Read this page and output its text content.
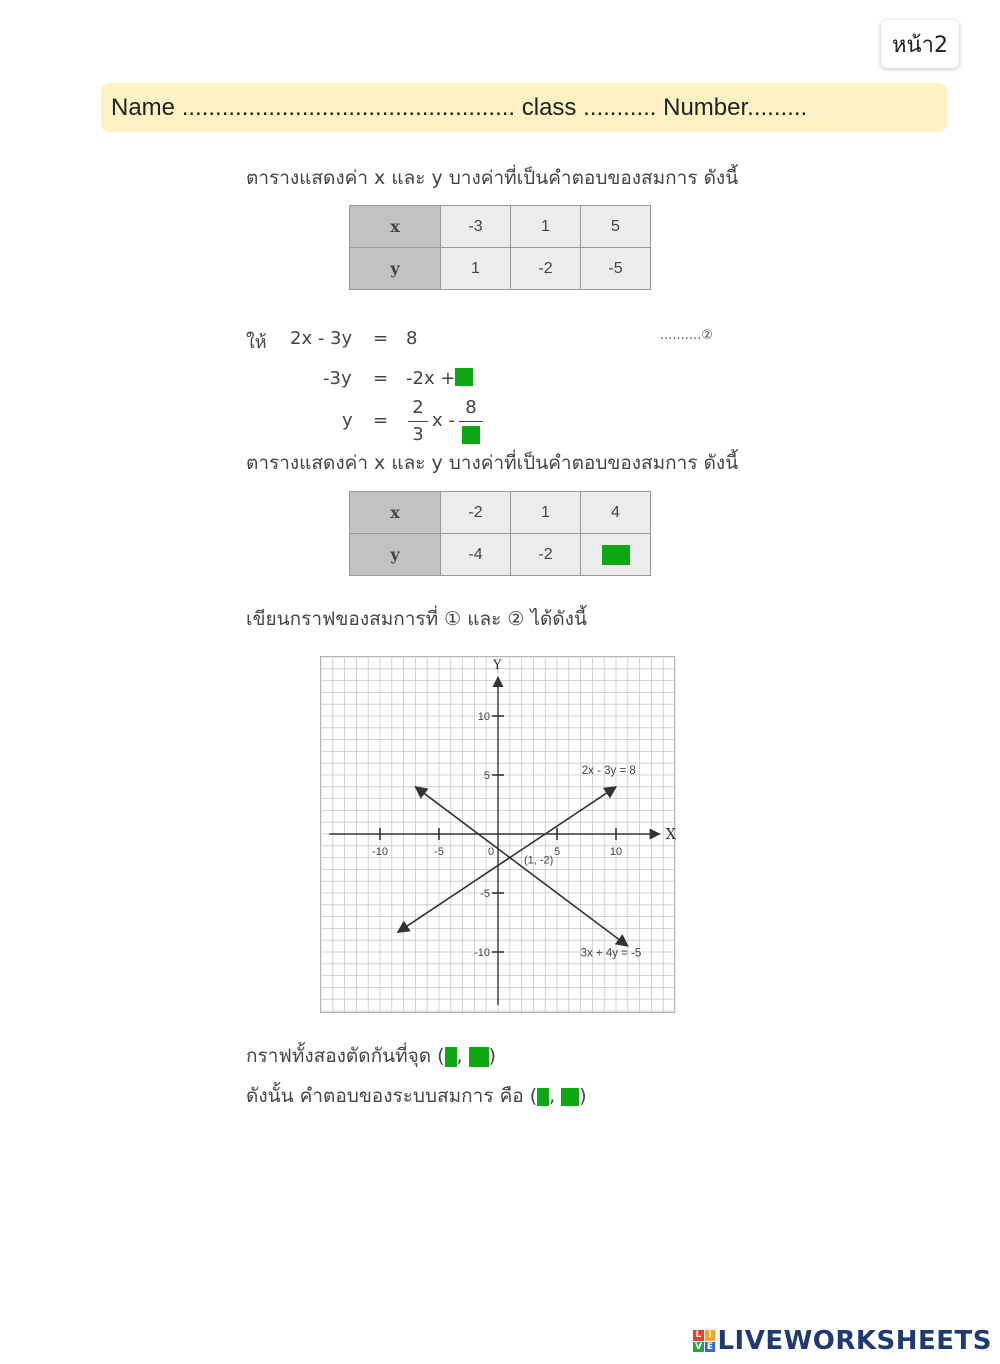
หน้า2
Name .................................................. class ........... Number.........
ตารางแสดงค่า x และ y บางค่าที่เป็นคำตอบของสมการ ดังนี้
x	-3	1	5
y	1	-2	-5
ให้ 2x - 3y = 8	..........②
-3y = -2x +
y =
2
3
x -
8
ตารางแสดงค่า x และ y บางค่าที่เป็นคำตอบของสมการ ดังนี้
x	-2	1	4
y	-4	-2	
เขียนกราฟของสมการที่ ① และ ② ได้ดังนี้
-10	-5	0	5	10
10
5
-5
-10
X
Y
2x - 3y = 8
3x + 4y = -5
(1, -2)
กราฟทั้งสองตัดกันที่จุด ( , )
ดังนั้น คำตอบของระบบสมการ คือ ( , )
L I
V E LIVEWORKSHEETS
